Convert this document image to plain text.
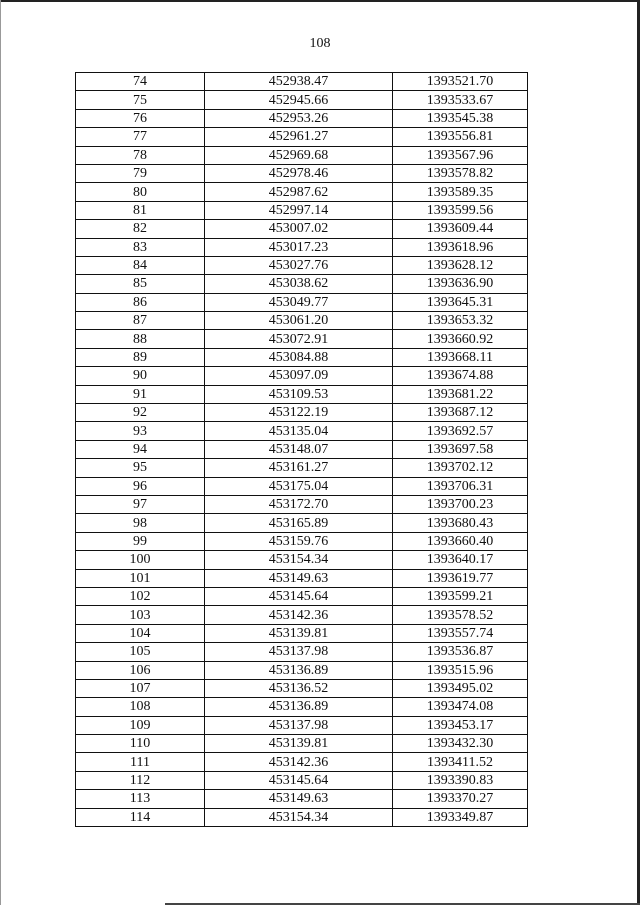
108
74	452938.47	1393521.70
75	452945.66	1393533.67
76	452953.26	1393545.38
77	452961.27	1393556.81
78	452969.68	1393567.96
79	452978.46	1393578.82
80	452987.62	1393589.35
81	452997.14	1393599.56
82	453007.02	1393609.44
83	453017.23	1393618.96
84	453027.76	1393628.12
85	453038.62	1393636.90
86	453049.77	1393645.31
87	453061.20	1393653.32
88	453072.91	1393660.92
89	453084.88	1393668.11
90	453097.09	1393674.88
91	453109.53	1393681.22
92	453122.19	1393687.12
93	453135.04	1393692.57
94	453148.07	1393697.58
95	453161.27	1393702.12
96	453175.04	1393706.31
97	453172.70	1393700.23
98	453165.89	1393680.43
99	453159.76	1393660.40
100	453154.34	1393640.17
101	453149.63	1393619.77
102	453145.64	1393599.21
103	453142.36	1393578.52
104	453139.81	1393557.74
105	453137.98	1393536.87
106	453136.89	1393515.96
107	453136.52	1393495.02
108	453136.89	1393474.08
109	453137.98	1393453.17
110	453139.81	1393432.30
111	453142.36	1393411.52
112	453145.64	1393390.83
113	453149.63	1393370.27
114	453154.34	1393349.87
